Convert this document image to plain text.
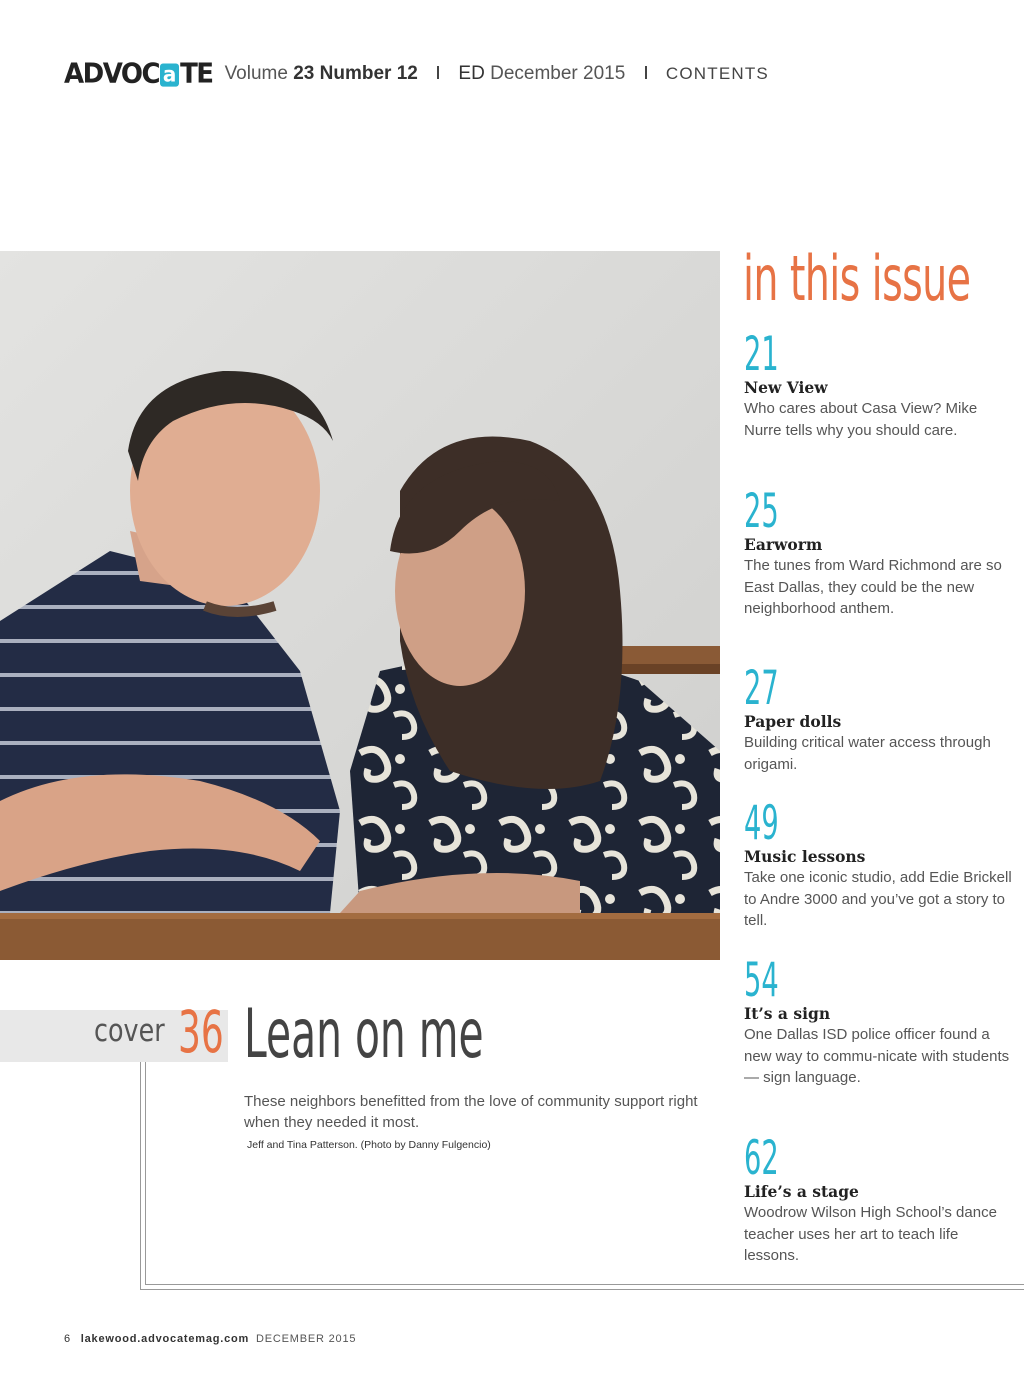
ADVOC a TE Volume 23 Number 12 ED December 2015 CONTENTS
cover 36 Lean on me
These neighbors benefitted from the love of community support right when they needed it most.
Jeff and Tina Patterson. (Photo by Danny Fulgencio)
in this issue
21
New View
Who cares about Casa View? Mike Nurre tells why you should care.
25
Earworm
The tunes from Ward Richmond are so East Dallas, they could be the new neighborhood anthem.
27
Paper dolls
Building critical water access through origami.
49
Music lessons
Take one iconic studio, add Edie Brickell to Andre 3000 and you’ve got a story to tell.
54
It’s a sign
One Dallas ISD police officer found a new way to commu-nicate with students — sign language.
62
Life’s a stage
Woodrow Wilson High School’s dance teacher uses her art to teach life lessons.
6 lakewood.advocatemag.com DECEMBER 2015
